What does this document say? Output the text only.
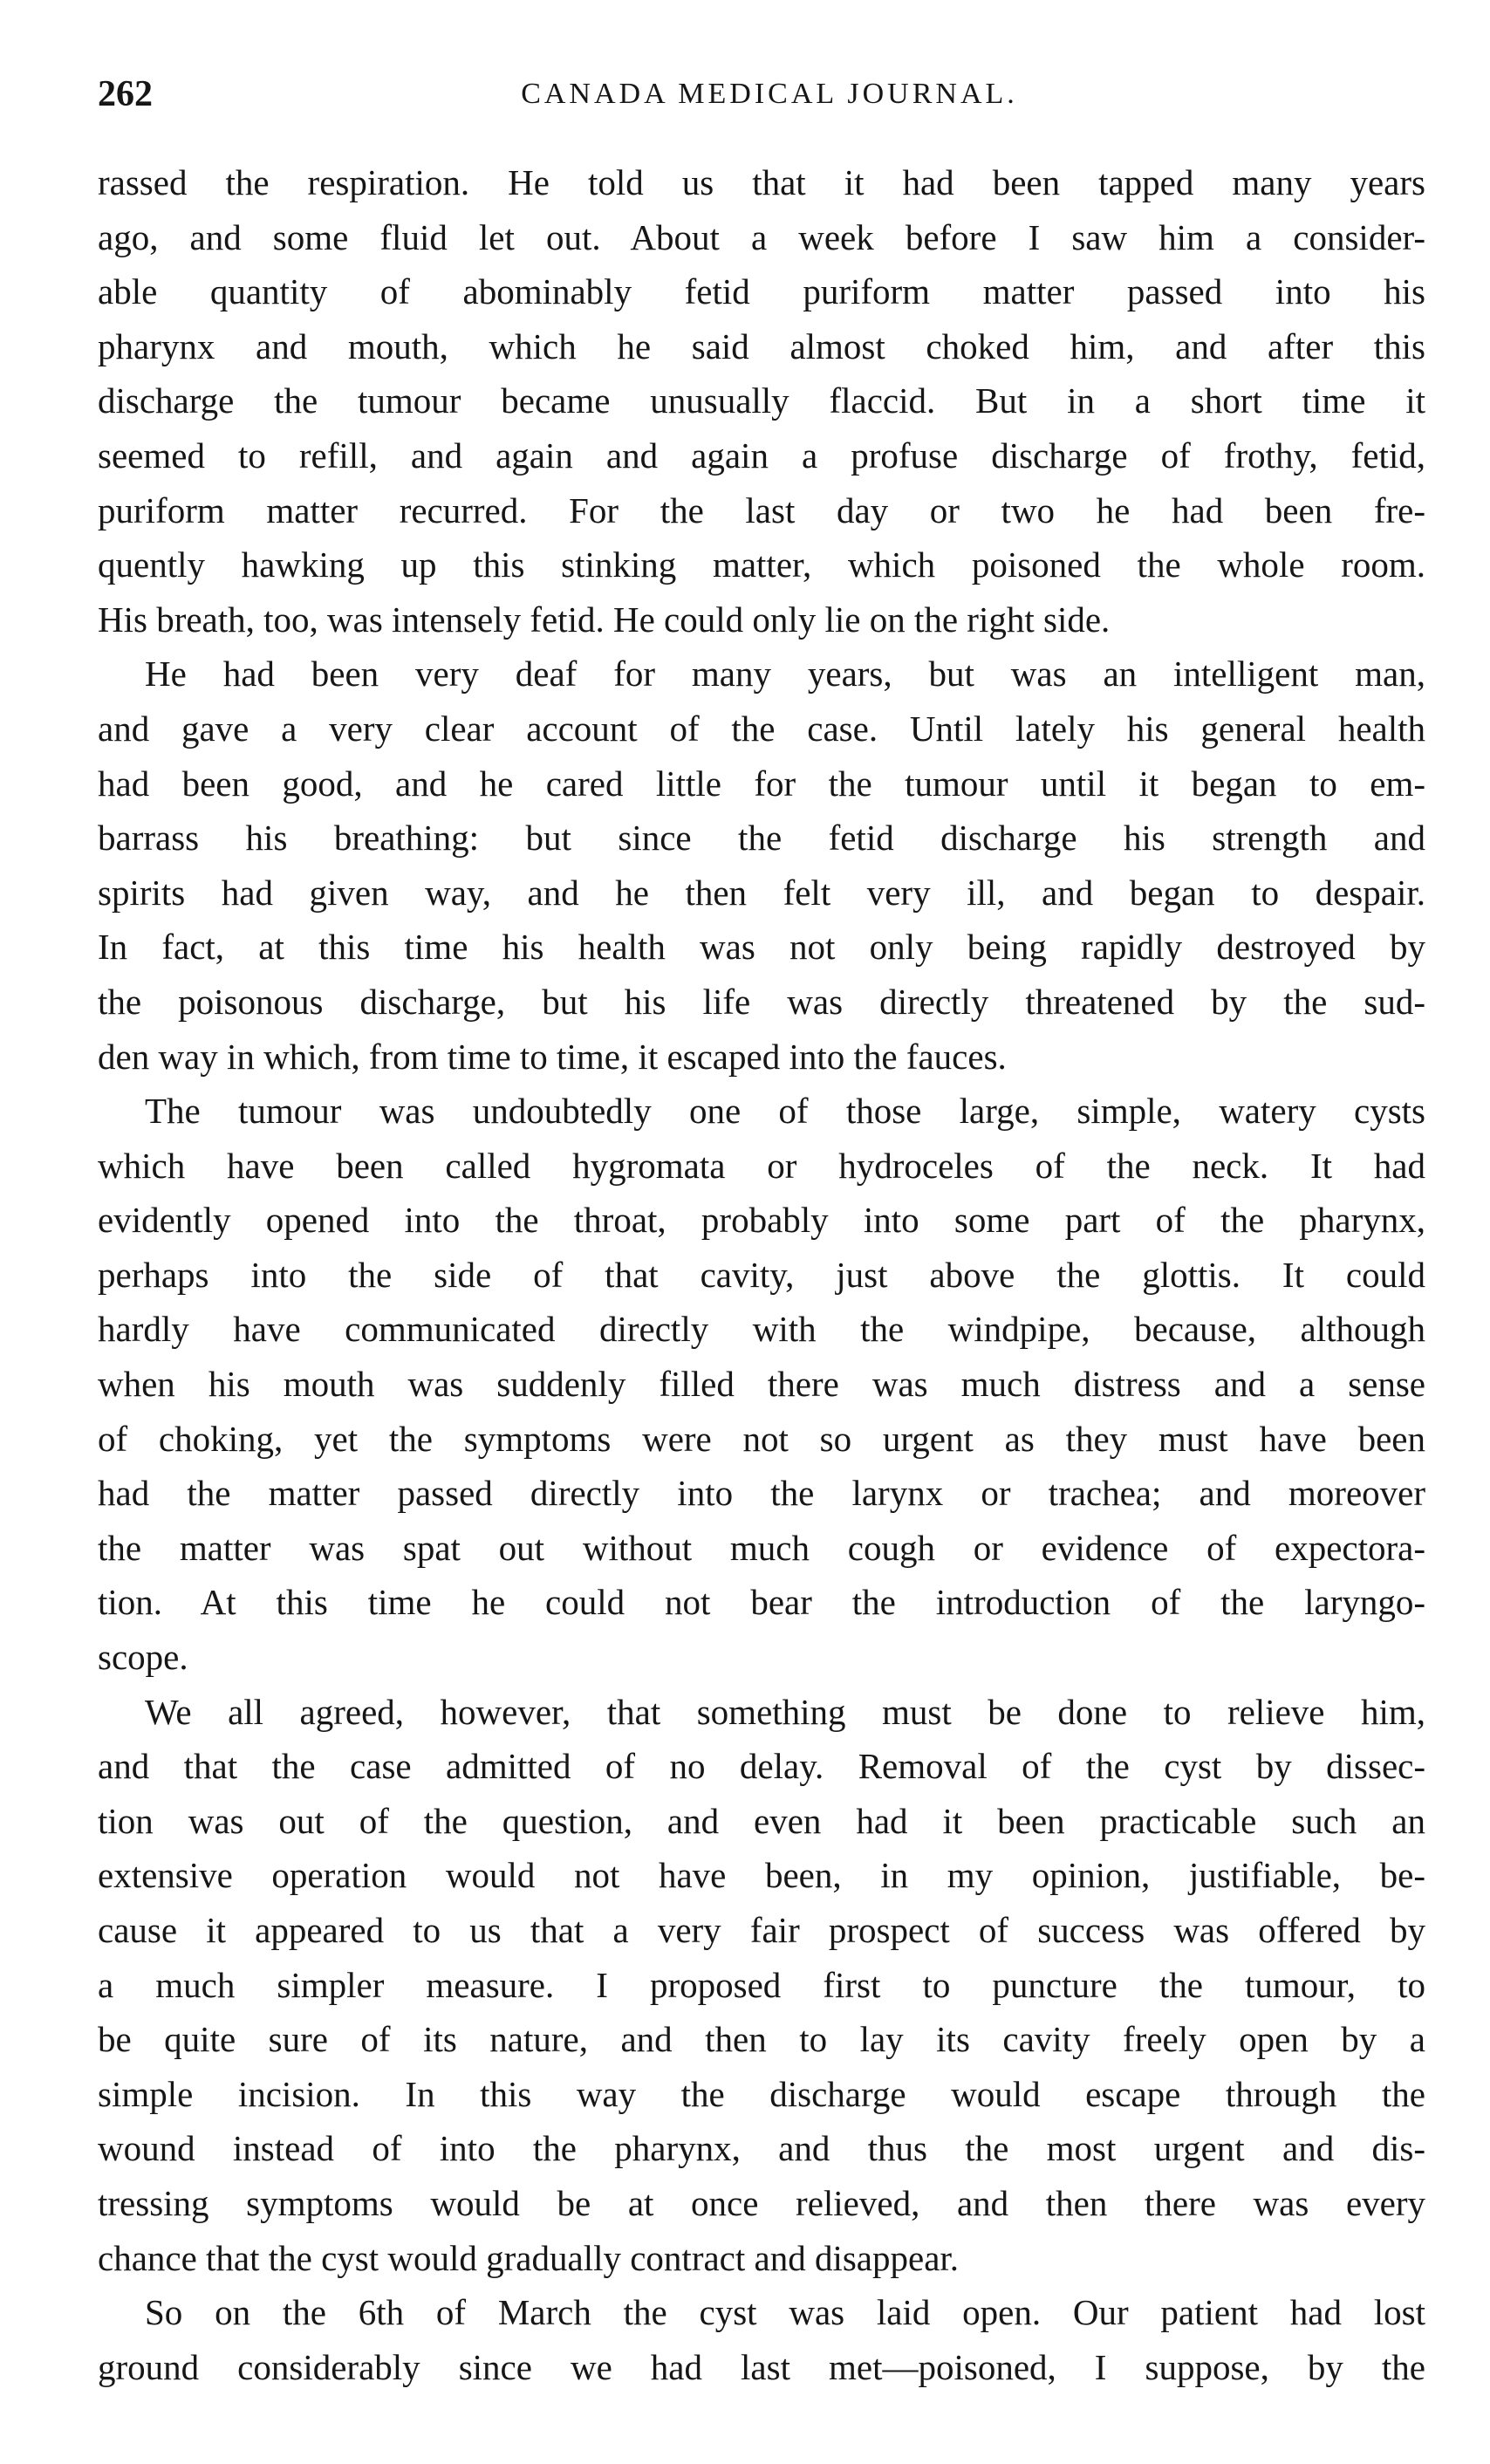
262	CANADA MEDICAL JOURNAL.
rassed the respiration. He told us that it had been tapped many years
ago, and some fluid let out. About a week before I saw him a consider-
able quantity of abominably fetid puriform matter passed into his
pharynx and mouth, which he said almost choked him, and after this
discharge the tumour became unusually flaccid. But in a short time it
seemed to refill, and again and again a profuse discharge of frothy, fetid,
puriform matter recurred. For the last day or two he had been fre-
quently hawking up this stinking matter, which poisoned the whole room.
His breath, too, was intensely fetid. He could only lie on the right side.
He had been very deaf for many years, but was an intelligent man,
and gave a very clear account of the case. Until lately his general health
had been good, and he cared little for the tumour until it began to em-
barrass his breathing: but since the fetid discharge his strength and
spirits had given way, and he then felt very ill, and began to despair.
In fact, at this time his health was not only being rapidly destroyed by
the poisonous discharge, but his life was directly threatened by the sud-
den way in which, from time to time, it escaped into the fauces.
The tumour was undoubtedly one of those large, simple, watery cysts
which have been called hygromata or hydroceles of the neck. It had
evidently opened into the throat, probably into some part of the pharynx,
perhaps into the side of that cavity, just above the glottis. It could
hardly have communicated directly with the windpipe, because, although
when his mouth was suddenly filled there was much distress and a sense
of choking, yet the symptoms were not so urgent as they must have been
had the matter passed directly into the larynx or trachea; and moreover
the matter was spat out without much cough or evidence of expectora-
tion. At this time he could not bear the introduction of the laryngo-
scope.
We all agreed, however, that something must be done to relieve him,
and that the case admitted of no delay. Removal of the cyst by dissec-
tion was out of the question, and even had it been practicable such an
extensive operation would not have been, in my opinion, justifiable, be-
cause it appeared to us that a very fair prospect of success was offered by
a much simpler measure. I proposed first to puncture the tumour, to
be quite sure of its nature, and then to lay its cavity freely open by a
simple incision. In this way the discharge would escape through the
wound instead of into the pharynx, and thus the most urgent and dis-
tressing symptoms would be at once relieved, and then there was every
chance that the cyst would gradually contract and disappear.
So on the 6th of March the cyst was laid open. Our patient had lost
ground considerably since we had last met—poisoned, I suppose, by the
